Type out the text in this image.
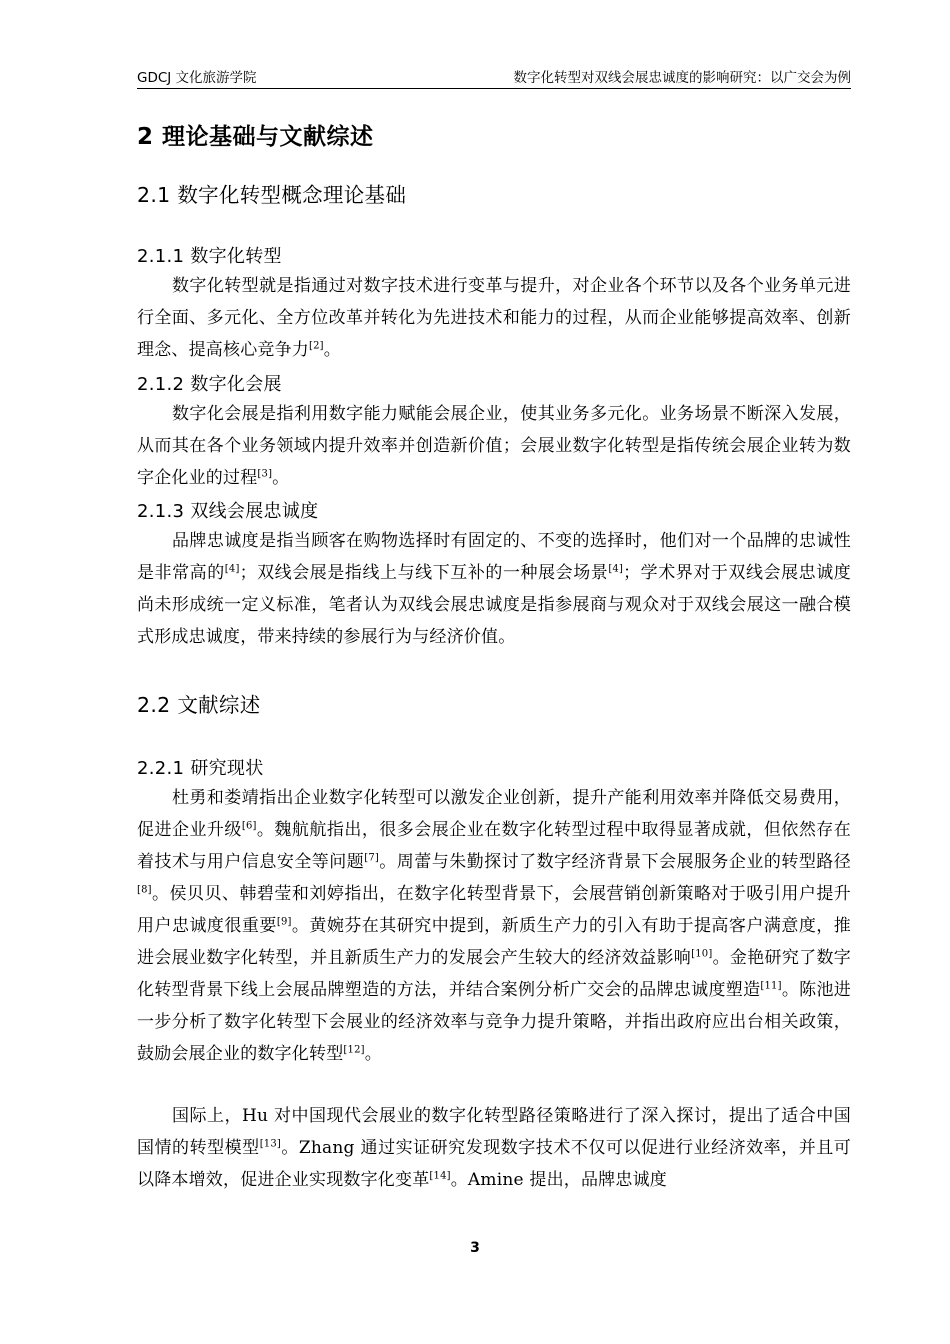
GDCJ 文化旅游学院	数字化转型对双线会展忠诚度的影响研究：以广交会为例
2 理论基础与文献综述
2.1 数字化转型概念理论基础
2.1.1 数字化转型
数字化转型就是指通过对数字技术进行变革与提升，对企业各个环节以及各个业务单元进行全面、多元化、全方位改革并转化为先进技术和能力的过程，从而企业能够提高效率、创新理念、提高核心竞争力[2]。
2.1.2 数字化会展
数字化会展是指利用数字能力赋能会展企业，使其业务多元化。业务场景不断深入发展，从而其在各个业务领域内提升效率并创造新价值；会展业数字化转型是指传统会展企业转为数字企化业的过程[3]。
2.1.3 双线会展忠诚度
品牌忠诚度是指当顾客在购物选择时有固定的、不变的选择时，他们对一个品牌的忠诚性是非常高的[4]；双线会展是指线上与线下互补的一种展会场景[4]；学术界对于双线会展忠诚度尚未形成统一定义标准，笔者认为双线会展忠诚度是指参展商与观众对于双线会展这一融合模式形成忠诚度，带来持续的参展行为与经济价值。
2.2 文献综述
2.2.1 研究现状
杜勇和娄靖指出企业数字化转型可以激发企业创新，提升产能利用效率并降低交易费用，促进企业升级[6]。魏航航指出，很多会展企业在数字化转型过程中取得显著成就，但依然存在着技术与用户信息安全等问题[7]。周蕾与朱勤探讨了数字经济背景下会展服务企业的转型路径[8]。侯贝贝、韩碧莹和刘婷指出，在数字化转型背景下，会展营销创新策略对于吸引用户提升用户忠诚度很重要[9]。黄婉芬在其研究中提到，新质生产力的引入有助于提高客户满意度，推进会展业数字化转型，并且新质生产力的发展会产生较大的经济效益影响[10]。金艳研究了数字化转型背景下线上会展品牌塑造的方法，并结合案例分析广交会的品牌忠诚度塑造[11]。陈池进一步分析了数字化转型下会展业的经济效率与竞争力提升策略，并指出政府应出台相关政策，鼓励会展企业的数字化转型[12]。
国际上，Hu 对中国现代会展业的数字化转型路径策略进行了深入探讨，提出了适合中国国情的转型模型[13]。Zhang 通过实证研究发现数字技术不仅可以促进行业经济效率，并且可以降本增效，促进企业实现数字化变革[14]。Amine 提出，品牌忠诚度
3
